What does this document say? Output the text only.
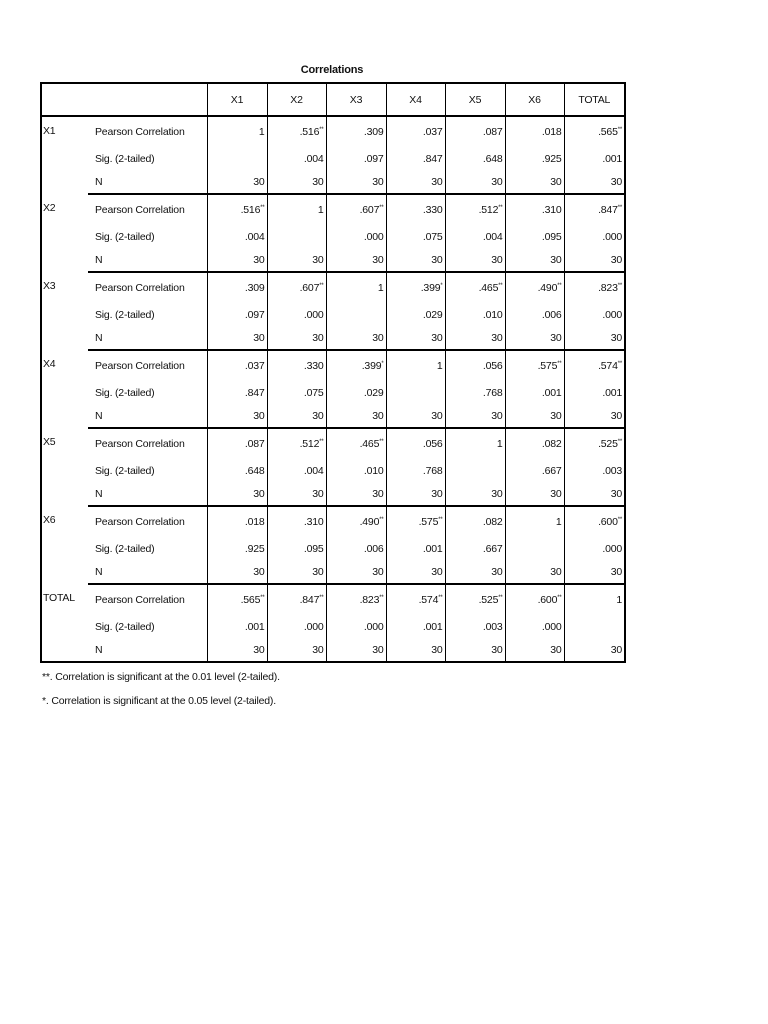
Correlations
		X1	X2	X3	X4	X5	X6	TOTAL
X1	Pearson Correlation	1	.516**	.309	.037	.087	.018	.565**
	Sig. (2-tailed)		.004	.097	.847	.648	.925	.001
	N	30	30	30	30	30	30	30
X2	Pearson Correlation	.516**	1	.607**	.330	.512**	.310	.847**
	Sig. (2-tailed)	.004		.000	.075	.004	.095	.000
	N	30	30	30	30	30	30	30
X3	Pearson Correlation	.309	.607**	1	.399*	.465**	.490**	.823**
	Sig. (2-tailed)	.097	.000		.029	.010	.006	.000
	N	30	30	30	30	30	30	30
X4	Pearson Correlation	.037	.330	.399*	1	.056	.575**	.574**
	Sig. (2-tailed)	.847	.075	.029		.768	.001	.001
	N	30	30	30	30	30	30	30
X5	Pearson Correlation	.087	.512**	.465**	.056	1	.082	.525**
	Sig. (2-tailed)	.648	.004	.010	.768		.667	.003
	N	30	30	30	30	30	30	30
X6	Pearson Correlation	.018	.310	.490**	.575**	.082	1	.600**
	Sig. (2-tailed)	.925	.095	.006	.001	.667		.000
	N	30	30	30	30	30	30	30
TOTAL	Pearson Correlation	.565**	.847**	.823**	.574**	.525**	.600**	1
	Sig. (2-tailed)	.001	.000	.000	.001	.003	.000	
	N	30	30	30	30	30	30	30
**. Correlation is significant at the 0.01 level (2-tailed).
*. Correlation is significant at the 0.05 level (2-tailed).
